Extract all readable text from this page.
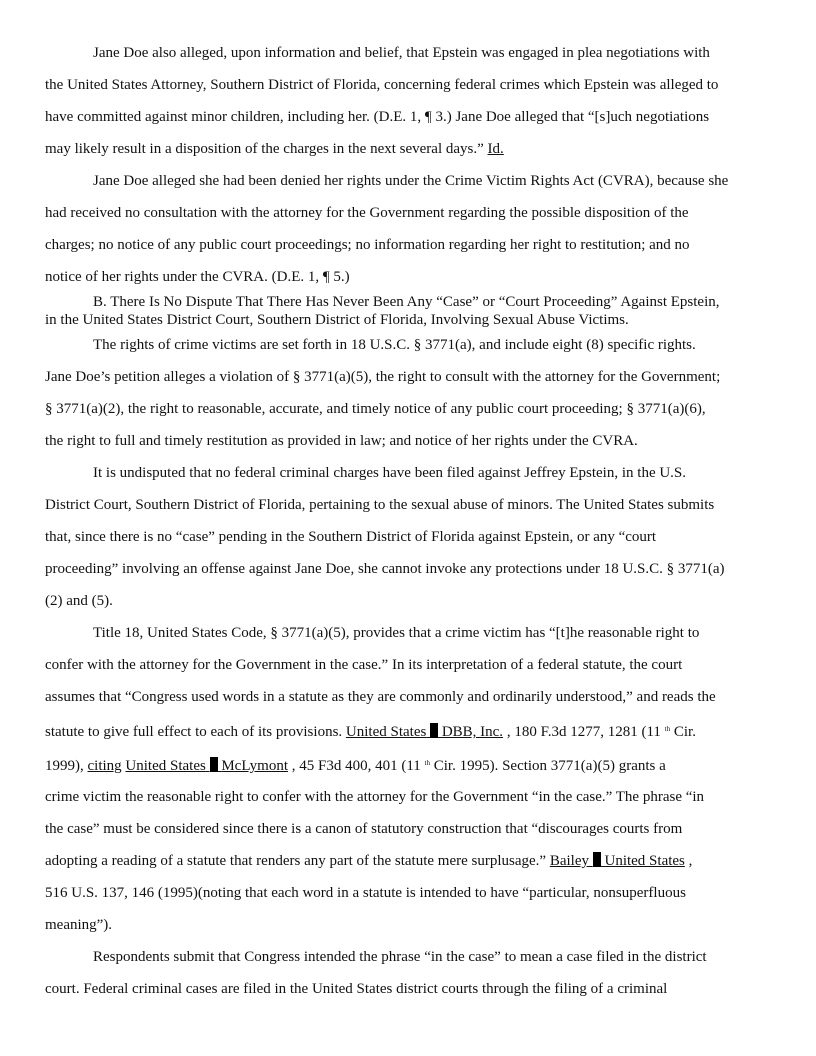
Jane Doe also alleged, upon information and belief, that Epstein was engaged in plea negotiations with
the United States Attorney, Southern District of Florida, concerning federal crimes which Epstein was alleged to
have committed against minor children, including her. (D.E. 1, ¶ 3.) Jane Doe alleged that “[s]uch negotiations
may likely result in a disposition of the charges in the next several days.” Id.
Jane Doe alleged she had been denied her rights under the Crime Victim Rights Act (CVRA), because she
had received no consultation with the attorney for the Government regarding the possible disposition of the
charges; no notice of any public court proceedings; no information regarding her right to restitution; and no
notice of her rights under the CVRA. (D.E. 1, ¶ 5.)
B. There Is No Dispute That There Has Never Been Any “Case” or “Court Proceeding” Against Epstein,
in the United States District Court, Southern District of Florida, Involving Sexual Abuse Victims.
The rights of crime victims are set forth in 18 U.S.C. § 3771(a), and include eight (8) specific rights.
Jane Doe’s petition alleges a violation of § 3771(a)(5), the right to consult with the attorney for the Government;
§ 3771(a)(2), the right to reasonable, accurate, and timely notice of any public court proceeding; § 3771(a)(6),
the right to full and timely restitution as provided in law; and notice of her rights under the CVRA.
It is undisputed that no federal criminal charges have been filed against Jeffrey Epstein, in the U.S.
District Court, Southern District of Florida, pertaining to the sexual abuse of minors. The United States submits
that, since there is no “case” pending in the Southern District of Florida against Epstein, or any “court
proceeding” involving an offense against Jane Doe, she cannot invoke any protections under 18 U.S.C. § 3771(a)
(2) and (5).
Title 18, United States Code, § 3771(a)(5), provides that a crime victim has “[t]he reasonable right to
confer with the attorney for the Government in the case.” In its interpretation of a federal statute, the court
assumes that “Congress used words in a statute as they are commonly and ordinarily understood,” and reads the
statute to give full effect to each of its provisions. United States DBB, Inc. , 180 F.3d 1277, 1281 (11 $^{th}$ Cir.
1999), citing United States McLymont , 45 F3d 400, 401 (11 $^{th}$ Cir. 1995). Section 3771(a)(5) grants a
crime victim the reasonable right to confer with the attorney for the Government “in the case.” The phrase “in
the case” must be considered since there is a canon of statutory construction that “discourages courts from
adopting a reading of a statute that renders any part of the statute mere surplusage.” Bailey United States ,
516 U.S. 137, 146 (1995)(noting that each word in a statute is intended to have “particular, nonsuperfluous
meaning”).
Respondents submit that Congress intended the phrase “in the case” to mean a case filed in the district
court. Federal criminal cases are filed in the United States district courts through the filing of a criminal
